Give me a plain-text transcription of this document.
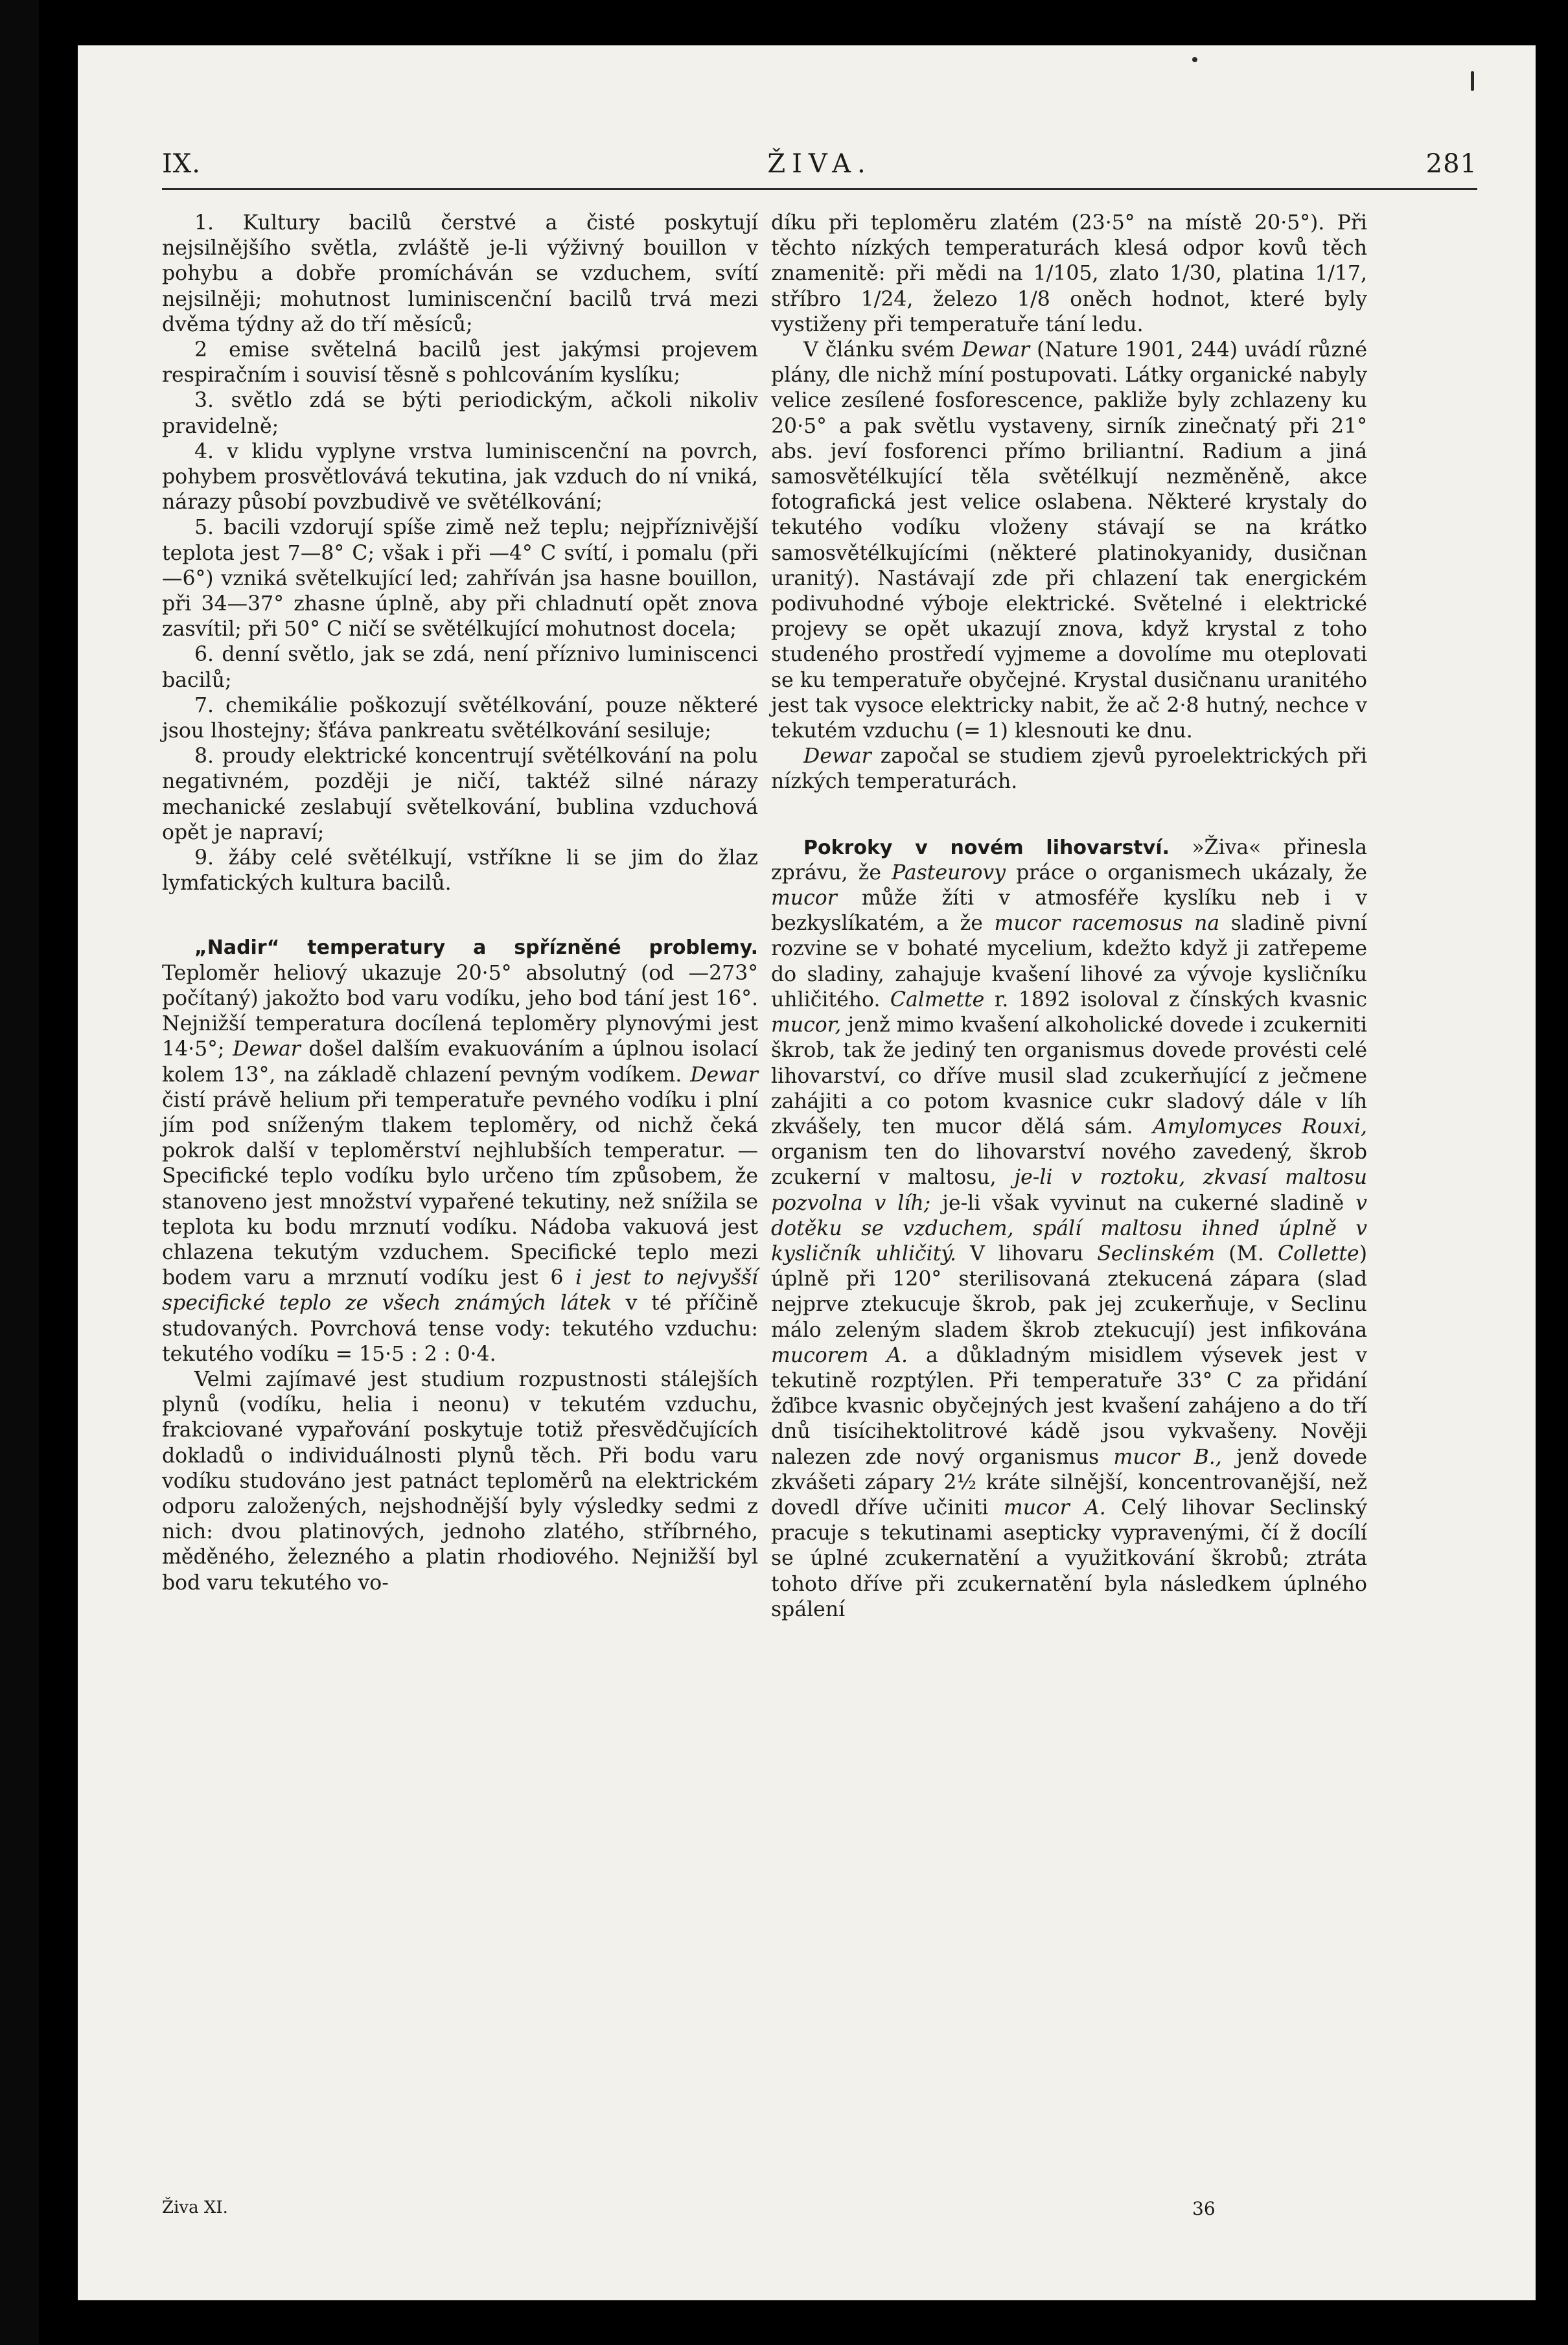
IX.	ŽIVA.	281

1. Kultury bacilů čerstvé a čisté poskytují nejsilnějšího světla, zvláště je-li výživný bouillon v pohybu a dobře promícháván se vzduchem, svítí nejsilněji; mohutnost luminiscenční bacilů trvá mezi dvěma týdny až do tří měsíců;

2 emise světelná bacilů jest jakýmsi projevem respiračním i souvisí těsně s pohlcováním kyslíku;

3. světlo zdá se býti periodickým, ačkoli nikoliv pravidelně;

4. v klidu vyplyne vrstva luminiscenční na povrch, pohybem prosvětlovává tekutina, jak vzduch do ní vniká, nárazy působí povzbudivě ve světélkování;

5. bacili vzdorují spíše zimě než teplu; nejpříznivější teplota jest 7—8° C; však i při —4° C svítí, i pomalu (při —6°) vzniká světelkující led; zahříván jsa hasne bouillon, při 34—37° zhasne úplně, aby při chladnutí opět znova zasvítil; při 50° C ničí se světélkující mohutnost docela;

6. denní světlo, jak se zdá, není příznivo luminiscenci bacilů;

7. chemikálie poškozují světélkování, pouze některé jsou lhostejny; šťáva pankreatu světélkování sesiluje;

8. proudy elektrické koncentrují světélkování na polu negativném, později je ničí, taktéž silné nárazy mechanické zeslabují světelkování, bublina vzduchová opět je napraví;

9. žáby celé světélkují, vstříkne li se jim do žlaz lymfatických kultura bacilů.

„Nadir“ temperatury a spřízněné problemy. Teploměr heliový ukazuje 20·5° absolutný (od —273° počítaný) jakožto bod varu vodíku, jeho bod tání jest 16°. Nejnižší temperatura docílená teploměry plynovými jest 14·5°; Dewar došel dalším evakuováním a úplnou isolací kolem 13°, na základě chlazení pevným vodíkem. Dewar čistí právě helium při temperatuře pevného vodíku i plní jím pod sníženým tlakem teploměry, od nichž čeká pokrok další v teploměrství nejhlubších temperatur. — Specifické teplo vodíku bylo určeno tím způsobem, že stanoveno jest množství vypařené tekutiny, než snížila se teplota ku bodu mrznutí vodíku. Nádoba vakuová jest chlazena tekutým vzduchem. Specifické teplo mezi bodem varu a mrznutí vodíku jest 6 i jest to nejvyšší specifické teplo ze všech známých látek v té příčině studovaných. Povrchová tense vody: tekutého vzduchu: tekutého vodíku = 15·5 : 2 : 0·4.

Velmi zajímavé jest studium rozpustnosti stálejších plynů (vodíku, helia i neonu) v tekutém vzduchu, frakciované vypařování poskytuje totiž přesvědčujících dokladů o individuálnosti plynů těch. Při bodu varu vodíku studováno jest patnáct teploměrů na elektrickém odporu založených, nejshodnější byly výsledky sedmi z nich: dvou platinových, jednoho zlatého, stříbrného, měděného, železného a platin rhodiového. Nejnižší byl bod varu tekutého vo-

díku při teploměru zlatém (23·5° na místě 20·5°). Při těchto nízkých temperaturách klesá odpor kovů těch znamenitě: při mědi na 1/105, zlato 1/30, platina 1/17, stříbro 1/24, železo 1/8 oněch hodnot, které byly vystiženy při temperatuře tání ledu.

V článku svém Dewar (Nature 1901, 244) uvádí různé plány, dle nichž míní postupovati. Látky organické nabyly velice zesílené fosforescence, pakliže byly zchlazeny ku 20·5° a pak světlu vystaveny, sirník zinečnatý při 21° abs. jeví fosforenci přímo briliantní. Radium a jiná samosvětélkující těla světélkují nezměněně, akce fotografická jest velice oslabena. Některé krystaly do tekutého vodíku vloženy stávají se na krátko samosvětélkujícími (některé platinokyanidy, dusičnan uranitý). Nastávají zde při chlazení tak energickém podivuhodné výboje elektrické. Světelné i elektrické projevy se opět ukazují znova, když krystal z toho studeného prostředí vyjmeme a dovolíme mu oteplovati se ku temperatuře obyčejné. Krystal dusičnanu uranitého jest tak vysoce elektricky nabit, že ač 2·8 hutný, nechce v tekutém vzduchu (= 1) klesnouti ke dnu.

Dewar započal se studiem zjevů pyroelektrických při nízkých temperaturách.

Pokroky v novém lihovarství. »Živa« přinesla zprávu, že Pasteurovy práce o organismech ukázaly, že mucor může žíti v atmosféře kyslíku neb i v bezkyslíkatém, a že mucor racemosus na sladině pivní rozvine se v bohaté mycelium, kdežto když ji zatřepeme do sladiny, zahajuje kvašení lihové za vývoje kysličníku uhličitého. Calmette r. 1892 isoloval z čínských kvasnic mucor, jenž mimo kvašení alkoholické dovede i zcukerniti škrob, tak že jediný ten organismus dovede provésti celé lihovarství, co dříve musil slad zcukerňující z ječmene zahájiti a co potom kvasnice cukr sladový dále v líh zkvášely, ten mucor dělá sám. Amylomyces Rouxi, organism ten do lihovarství nového zavedený, škrob zcukerní v maltosu, je-li v roztoku, zkvasí maltosu pozvolna v líh; je-li však vyvinut na cukerné sladině v dotěku se vzduchem, spálí maltosu ihned úplně v kysličník uhličitý. V lihovaru Seclinském (M. Collette) úplně při 120° sterilisovaná ztekucená zápara (slad nejprve ztekucuje škrob, pak jej zcukerňuje, v Seclinu málo zeleným sladem škrob ztekucují) jest infikována mucorem A. a důkladným misidlem výsevek jest v tekutině rozptýlen. Při temperatuře 33° C za přidání žďibce kvasnic obyčejných jest kvašení zahájeno a do tří dnů tisícihektolitrové kádě jsou vykvašeny. Nověji nalezen zde nový organismus mucor B., jenž dovede zkvášeti zápary 2½ kráte silnější, koncentrovanější, než dovedl dříve učiniti mucor A. Celý lihovar Seclinský pracuje s tekutinami asepticky vypravenými, čí ž docílí se úplné zcukernatění a využitkování škrobů; ztráta tohoto dříve při zcukernatění byla následkem úplného spálení

Živa XI.	36
